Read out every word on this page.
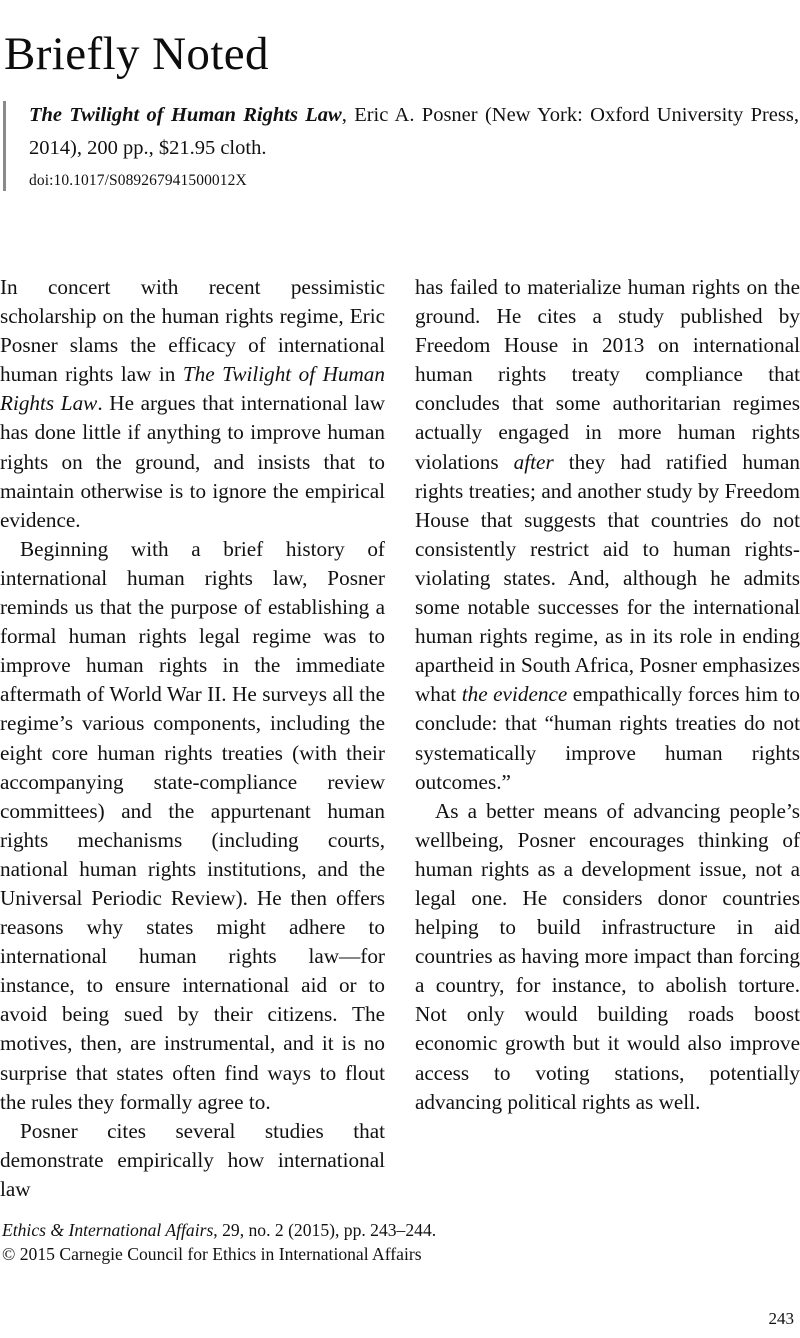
Briefly Noted

The Twilight of Human Rights Law, Eric A. Posner (New York: Oxford University Press, 2014), 200 pp., $21.95 cloth.

doi:10.1017/S089267941500012X

In concert with recent pessimistic scholarship on the human rights regime, Eric Posner slams the efficacy of international human rights law in The Twilight of Human Rights Law. He argues that international law has done little if anything to improve human rights on the ground, and insists that to maintain otherwise is to ignore the empirical evidence.

Beginning with a brief history of international human rights law, Posner reminds us that the purpose of establishing a formal human rights legal regime was to improve human rights in the immediate aftermath of World War II. He surveys all the regime’s various components, including the eight core human rights treaties (with their accompanying state-compliance review committees) and the appurtenant human rights mechanisms (including courts, national human rights institutions, and the Universal Periodic Review). He then offers reasons why states might adhere to international human rights law—for instance, to ensure international aid or to avoid being sued by their citizens. The motives, then, are instrumental, and it is no surprise that states often find ways to flout the rules they formally agree to.

Posner cites several studies that demonstrate empirically how international law

has failed to materialize human rights on the ground. He cites a study published by Freedom House in 2013 on international human rights treaty compliance that concludes that some authoritarian regimes actually engaged in more human rights violations after they had ratified human rights treaties; and another study by Freedom House that suggests that countries do not consistently restrict aid to human rights-violating states. And, although he admits some notable successes for the international human rights regime, as in its role in ending apartheid in South Africa, Posner emphasizes what the evidence empathically forces him to conclude: that “human rights treaties do not systematically improve human rights outcomes.”

As a better means of advancing people’s wellbeing, Posner encourages thinking of human rights as a development issue, not a legal one. He considers donor countries helping to build infrastructure in aid countries as having more impact than forcing a country, for instance, to abolish torture. Not only would building roads boost economic growth but it would also improve access to voting stations, potentially advancing political rights as well.

Ethics & International Affairs, 29, no. 2 (2015), pp. 243–244.

© 2015 Carnegie Council for Ethics in International Affairs

243
